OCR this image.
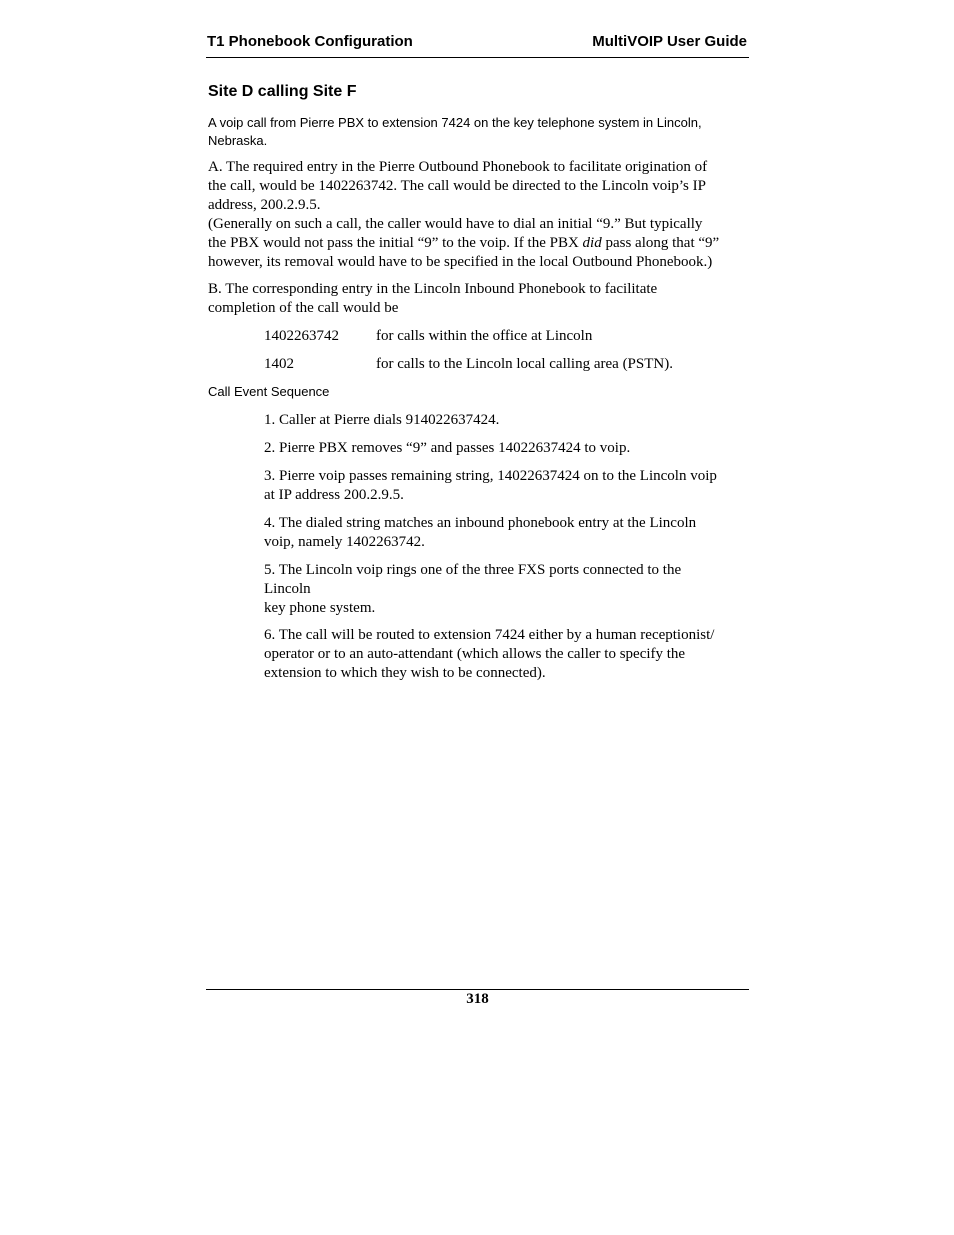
T1 Phonebook Configuration	MultiVOIP User Guide
Site D calling Site F
A voip call from Pierre PBX to extension 7424 on the key telephone system in Lincoln, Nebraska.
A. The required entry in the Pierre Outbound Phonebook to facilitate origination of
the call, would be 1402263742. The call would be directed to the Lincoln voip’s IP
address, 200.2.9.5.
(Generally on such a call, the caller would have to dial an initial “9.” But typically
the PBX would not pass the initial “9” to the voip. If the PBX did pass along that “9”
however, its removal would have to be specified in the local Outbound Phonebook.)
B. The corresponding entry in the Lincoln Inbound Phonebook to facilitate
completion of the call would be
1402263742 for calls within the office at Lincoln
1402	for calls to the Lincoln local calling area (PSTN).
Call Event Sequence
1. Caller at Pierre dials 914022637424.
2. Pierre PBX removes “9” and passes 14022637424 to voip.
3. Pierre voip passes remaining string, 14022637424 on to the Lincoln voip
at IP address 200.2.9.5.
4. The dialed string matches an inbound phonebook entry at the Lincoln
voip, namely 1402263742.
5. The Lincoln voip rings one of the three FXS ports connected to the
Lincoln
key phone system.
6. The call will be routed to extension 7424 either by a human receptionist/
operator or to an auto-attendant (which allows the caller to specify the
extension to which they wish to be connected).
318
